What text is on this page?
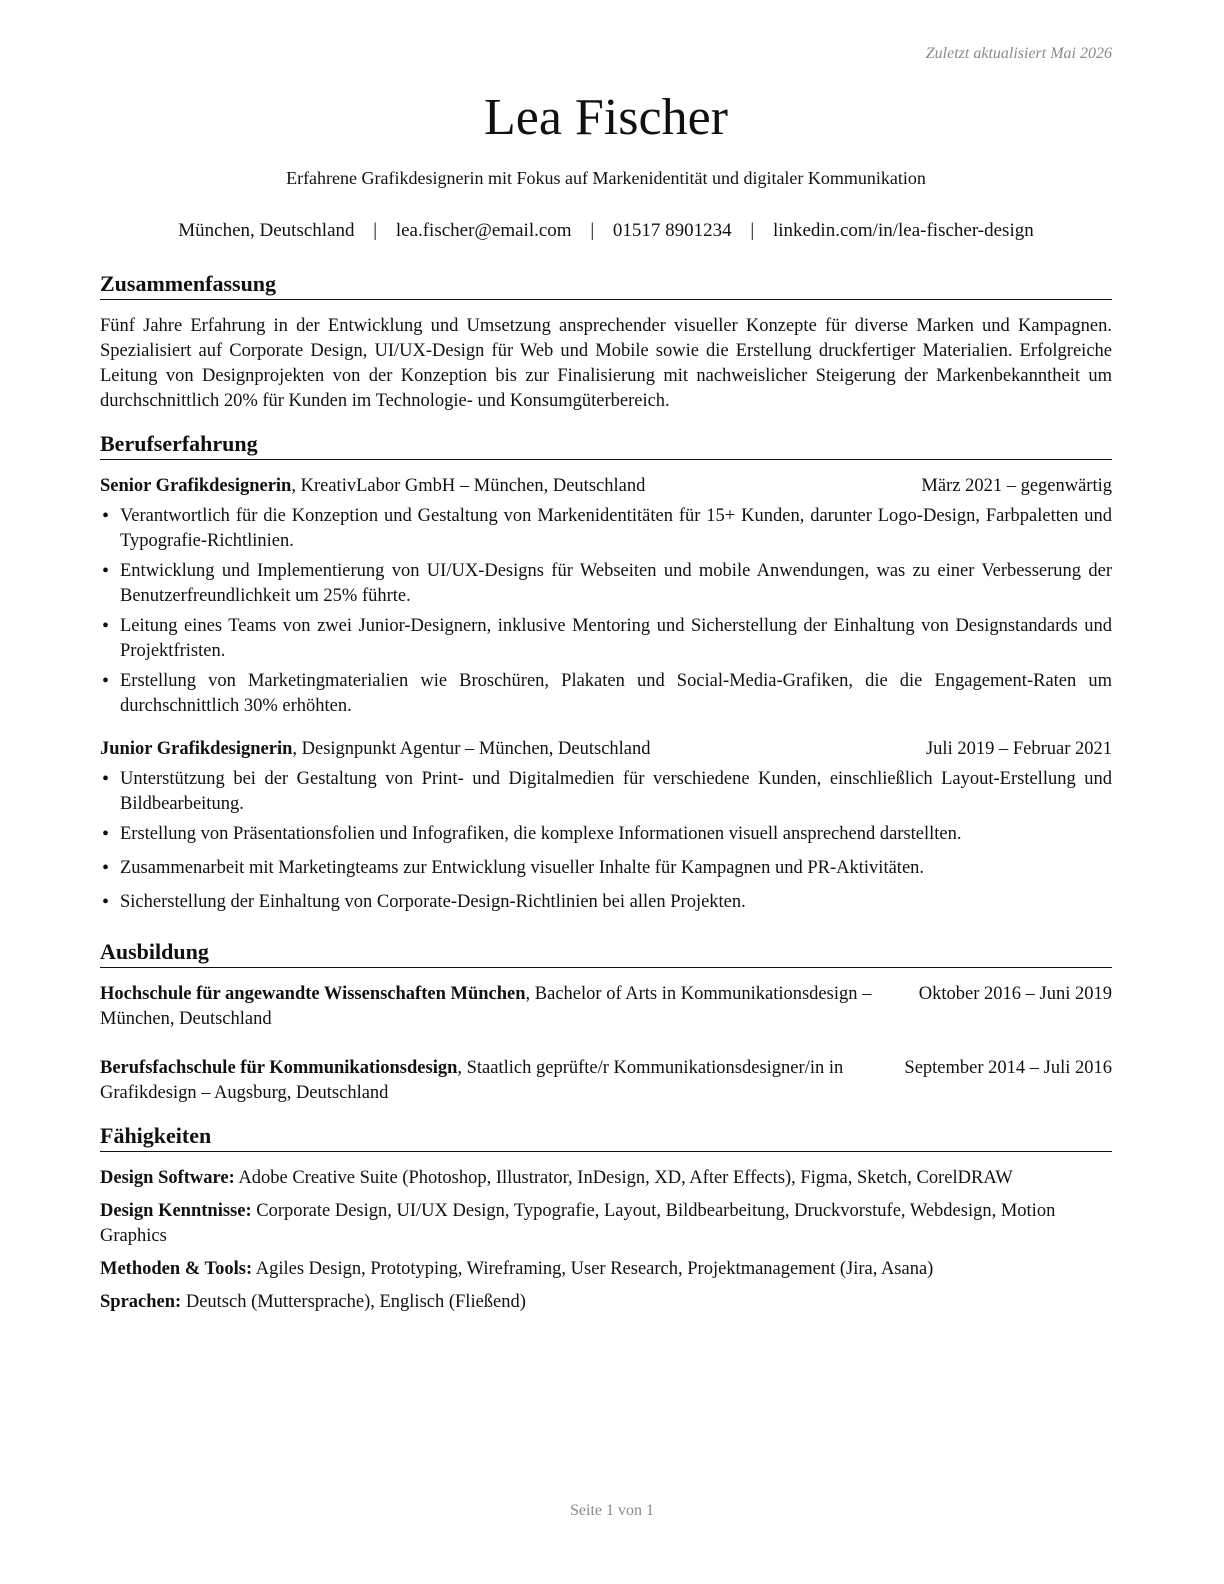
Zuletzt aktualisiert Mai 2026
Lea Fischer
Erfahrene Grafikdesignerin mit Fokus auf Markenidentität und digitaler Kommunikation
München, Deutschland | lea.fischer@email.com | 01517 8901234 | linkedin.com/in/lea-fischer-design
Zusammenfassung

Fünf Jahre Erfahrung in der Entwicklung und Umsetzung ansprechender visueller Konzepte für diverse Marken und Kampagnen. Spezialisiert auf Corporate Design, UI/UX-Design für Web und Mobile sowie die Erstellung druckfertiger Materialien. Erfolgreiche Leitung von Designprojekten von der Konzeption bis zur Finalisierung mit nachweislicher Steigerung der Markenbekanntheit um durchschnittlich 20% für Kunden im Technologie- und Konsumgüterbereich.

Berufserfahrung
Senior Grafikdesignerin, KreativLabor GmbH – München, Deutschland	März 2021 – gegenwärtig
• Verantwortlich für die Konzeption und Gestaltung von Markenidentitäten für 15+ Kunden, darunter Logo-Design, Farbpaletten und Typografie-Richtlinien.
• Entwicklung und Implementierung von UI/UX-Designs für Webseiten und mobile Anwendungen, was zu einer Verbesserung der Benutzerfreundlichkeit um 25% führte.
• Leitung eines Teams von zwei Junior-Designern, inklusive Mentoring und Sicherstellung der Einhaltung von Designstandards und Projektfristen.
• Erstellung von Marketingmaterialien wie Broschüren, Plakaten und Social-Media-Grafiken, die die Engagement-Raten um durchschnittlich 30% erhöhten.
Junior Grafikdesignerin, Designpunkt Agentur – München, Deutschland	Juli 2019 – Februar 2021
• Unterstützung bei der Gestaltung von Print- und Digitalmedien für verschiedene Kunden, einschließlich Layout-Erstellung und Bildbearbeitung.
• Erstellung von Präsentationsfolien und Infografiken, die komplexe Informationen visuell ansprechend darstellten.
• Zusammenarbeit mit Marketingteams zur Entwicklung visueller Inhalte für Kampagnen und PR-Aktivitäten.
• Sicherstellung der Einhaltung von Corporate-Design-Richtlinien bei allen Projekten.
Ausbildung
Hochschule für angewandte Wissenschaften München, Bachelor of Arts in Kommunikationsdesign – München, Deutschland
Oktober 2016 – Juni 2019
Berufsfachschule für Kommunikationsdesign, Staatlich geprüfte/r Kommunikationsdesigner/in in Grafikdesign – Augsburg, Deutschland
September 2014 – Juli 2016
Fähigkeiten
Design Software: Adobe Creative Suite (Photoshop, Illustrator, InDesign, XD, After Effects), Figma, Sketch, CorelDRAW
Design Kenntnisse: Corporate Design, UI/UX Design, Typografie, Layout, Bildbearbeitung, Druckvorstufe, Webdesign, Motion Graphics
Methoden & Tools: Agiles Design, Prototyping, Wireframing, User Research, Projektmanagement (Jira, Asana)
Sprachen: Deutsch (Muttersprache), Englisch (Fließend)
Seite 1 von 1
